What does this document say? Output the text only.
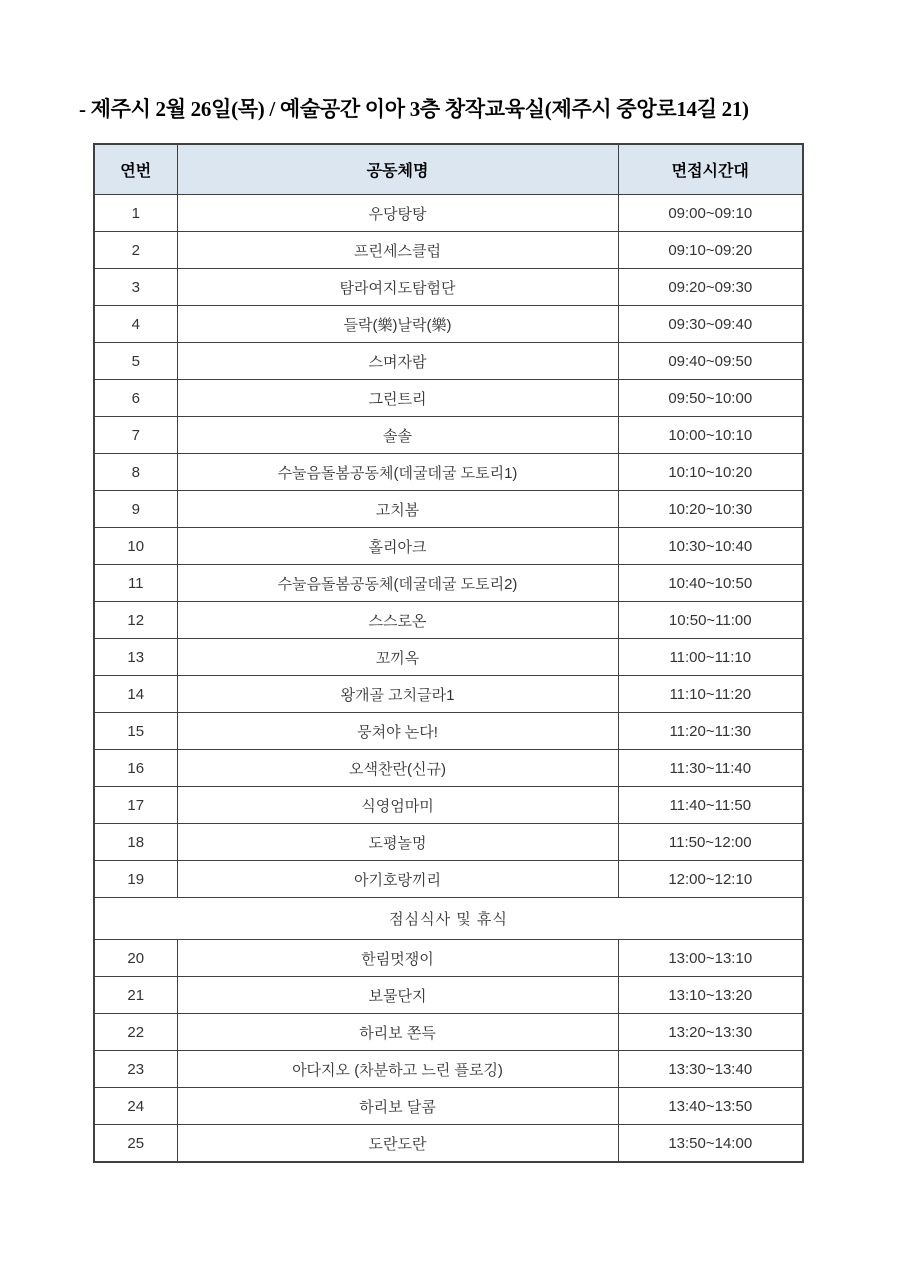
- 제주시 2월 26일(목) / 예술공간 이아 3층 창작교육실(제주시 중앙로14길 21)
연번	공동체명	면접시간대
1	우당탕탕	09:00~09:10
2	프린세스클럽	09:10~09:20
3	탐라여지도탐험단	09:20~09:30
4	들락(樂)날락(樂)	09:30~09:40
5	스며자람	09:40~09:50
6	그린트리	09:50~10:00
7	솔솔	10:00~10:10
8	수눌음돌봄공동체(데굴데굴 도토리1)	10:10~10:20
9	고치봄	10:20~10:30
10	홀리아크	10:30~10:40
11	수눌음돌봄공동체(데굴데굴 도토리2)	10:40~10:50
12	스스로온	10:50~11:00
13	꼬끼옥	11:00~11:10
14	왕개골 고치글라1	11:10~11:20
15	뭉쳐야 논다!	11:20~11:30
16	오색찬란(신규)	11:30~11:40
17	식영엄마미	11:40~11:50
18	도평놀멍	11:50~12:00
19	아기호랑끼리	12:00~12:10
점심식사 및 휴식		
20	한림멋쟁이	13:00~13:10
21	보물단지	13:10~13:20
22	하리보 쫀득	13:20~13:30
23	아다지오 (차분하고 느린 플로깅)	13:30~13:40
24	하리보 달콤	13:40~13:50
25	도란도란	13:50~14:00
